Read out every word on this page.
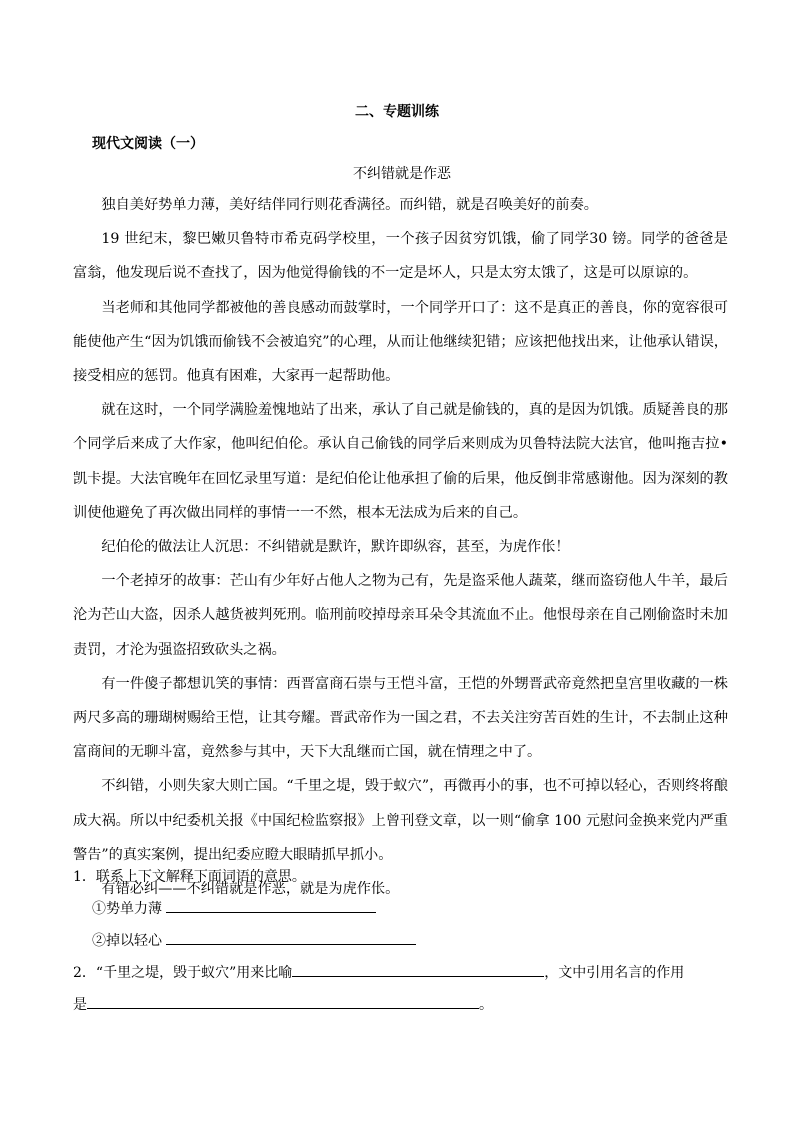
二、专题训练
现代文阅读（一）
不纠错就是作恶

独自美好势单力薄，美好结伴同行则花香满径。而纠错，就是召唤美好的前奏。

19 世纪末，黎巴嫩贝鲁特市希克码学校里，一个孩子因贫穷饥饿，偷了同学30 镑。同学的爸爸是富翁，他发现后说不查找了，因为他觉得偷钱的不一定是坏人，只是太穷太饿了，这是可以原谅的。

当老师和其他同学都被他的善良感动而鼓掌时，一个同学开口了：这不是真正的善良，你的宽容很可能使他产生“因为饥饿而偷钱不会被追究”的心理，从而让他继续犯错；应该把他找出来，让他承认错误，接受相应的惩罚。他真有困难，大家再一起帮助他。

就在这时，一个同学满脸羞愧地站了出来，承认了自己就是偷钱的，真的是因为饥饿。质疑善良的那个同学后来成了大作家，他叫纪伯伦。承认自己偷钱的同学后来则成为贝鲁特法院大法官，他叫拖吉拉•凯卡提。大法官晚年在回忆录里写道：是纪伯伦让他承担了偷的后果，他反倒非常感谢他。因为深刻的教训使他避免了再次做出同样的事情一一不然，根本无法成为后来的自己。

纪伯伦的做法让人沉思：不纠错就是默许，默许即纵容，甚至，为虎作伥！

一个老掉牙的故事：芒山有少年好占他人之物为己有，先是盗采他人蔬菜，继而盗窃他人牛羊，最后沦为芒山大盗，因杀人越货被判死刑。临刑前咬掉母亲耳朵令其流血不止。他恨母亲在自己刚偷盗时未加责罚，才沦为强盗招致砍头之祸。

有一件傻子都想讥笑的事情：西晋富商石崇与王恺斗富，王恺的外甥晋武帝竟然把皇宫里收藏的一株两尺多高的珊瑚树赐给王恺，让其夸耀。晋武帝作为一国之君，不去关注穷苦百姓的生计，不去制止这种富商间的无聊斗富，竟然参与其中，天下大乱继而亡国，就在情理之中了。

不纠错，小则失家大则亡国。“千里之堤，毁于蚁穴”，再微再小的事，也不可掉以轻心，否则终将酿成大祸。所以中纪委机关报《中国纪检监察报》上曾刊登文章，以一则“偷拿 100 元慰问金换来党内严重警告”的真实案例，提出纪委应瞪大眼睛抓早抓小。

有错必纠——不纠错就是作恶，就是为虎作伥。

1．联系上下文解释下面词语的意思。
①势单力薄
②掉以轻心
2．“千里之堤，毁于蚁穴”用来比喻	，文中引用名言的作用
是	。
